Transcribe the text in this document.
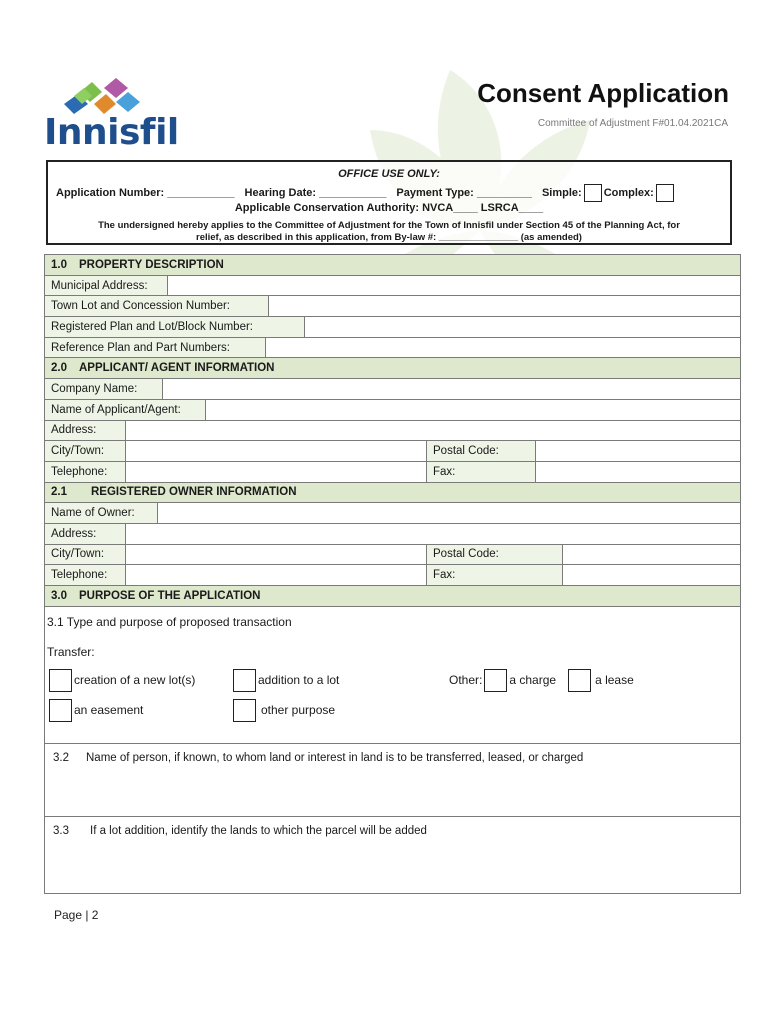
Innisfil
Consent Application
Committee of Adjustment F#01.04.2021CA
OFFICE USE ONLY:
Application Number: ___________ Hearing Date: ___________ Payment Type: _________ Simple: Complex:
Applicable Conservation Authority: NVCA____ LSRCA____
The undersigned hereby applies to the Committee of Adjustment for the Town of Innisfil under Section 45 of the Planning Act, for
relief, as described in this application, from By-law #: _______________ (as amended)
1.0 PROPERTY DESCRIPTION
Municipal Address:
Town Lot and Concession Number:
Registered Plan and Lot/Block Number:
Reference Plan and Part Numbers:
2.0 APPLICANT/ AGENT INFORMATION
Company Name:
Name of Applicant/Agent:
Address:
City/Town:	Postal Code:
Telephone:	Fax:
2.1 REGISTERED OWNER INFORMATION
Name of Owner:
Address:
City/Town:	Postal Code:
Telephone:	Fax:
3.0 PURPOSE OF THE APPLICATION
3.1 Type and purpose of proposed transaction
Transfer:
creation of a new lot(s)	addition to a lot	Other: a charge	a lease
an easement	other purpose
3.2 Name of person, if known, to whom land or interest in land is to be transferred, leased, or charged
3.3 If a lot addition, identify the lands to which the parcel will be added
Page | 2
